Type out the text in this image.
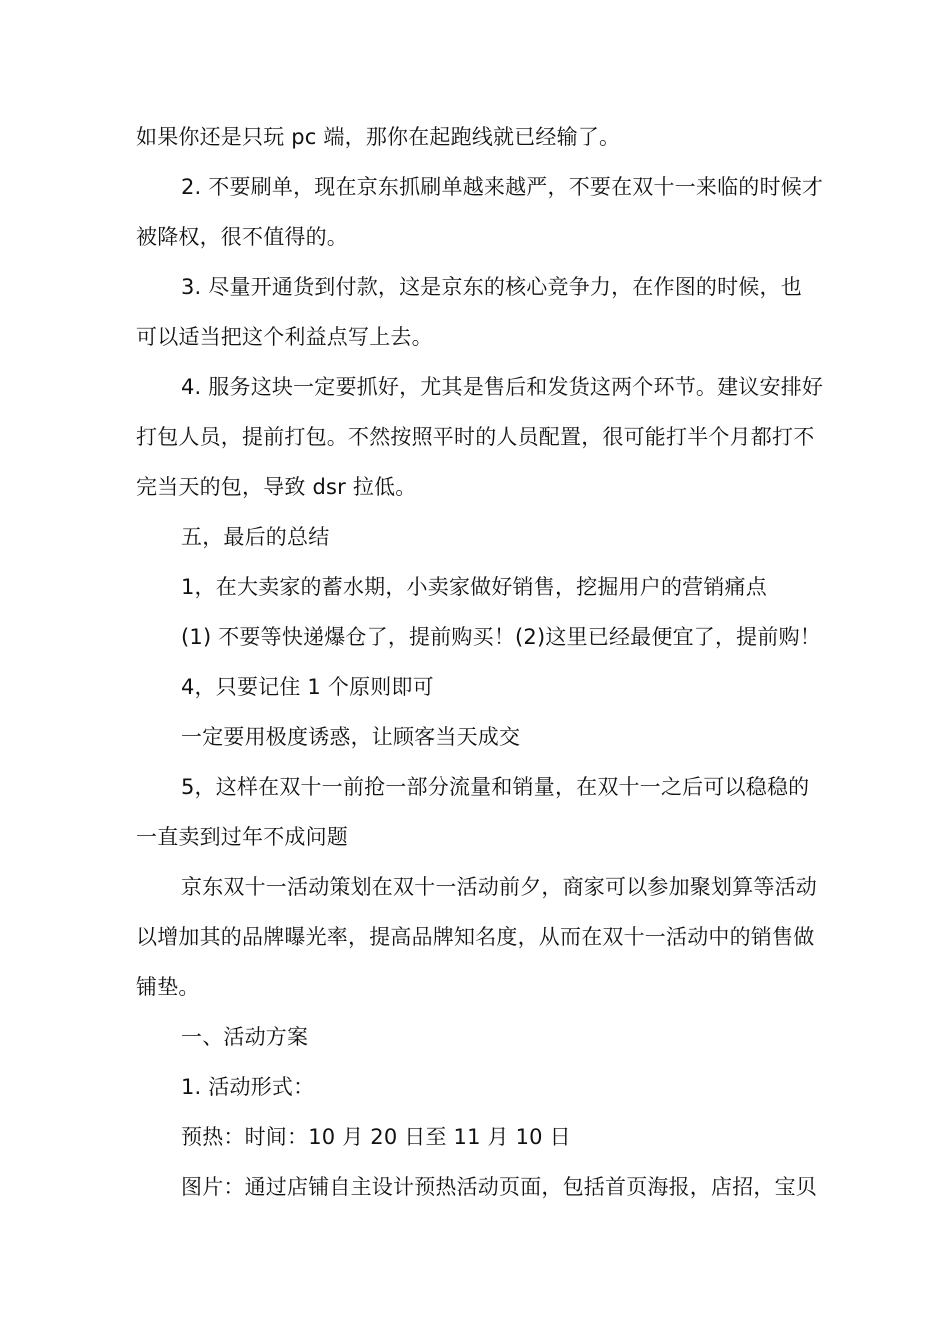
如果你还是只玩 pc 端，那你在起跑线就已经输了。

2. 不要刷单，现在京东抓刷单越来越严，不要在双十一来临的时候才

被降权，很不值得的。

3. 尽量开通货到付款，这是京东的核心竞争力，在作图的时候，也

可以适当把这个利益点写上去。

4. 服务这块一定要抓好，尤其是售后和发货这两个环节。建议安排好

打包人员，提前打包。不然按照平时的人员配置，很可能打半个月都打不

完当天的包，导致 dsr 拉低。

五，最后的总结

1，在大卖家的蓄水期，小卖家做好销售，挖掘用户的营销痛点

(1) 不要等快递爆仓了，提前购买！(2)这里已经最便宜了，提前购！

4，只要记住 1 个原则即可

一定要用极度诱惑，让顾客当天成交

5，这样在双十一前抢一部分流量和销量，在双十一之后可以稳稳的

一直卖到过年不成问题

京东双十一活动策划在双十一活动前夕，商家可以参加聚划算等活动

以增加其的品牌曝光率，提高品牌知名度，从而在双十一活动中的销售做

铺垫。

一、活动方案

1. 活动形式：

预热：时间：10 月 20 日至 11 月 10 日

图片：通过店铺自主设计预热活动页面，包括首页海报，店招，宝贝
